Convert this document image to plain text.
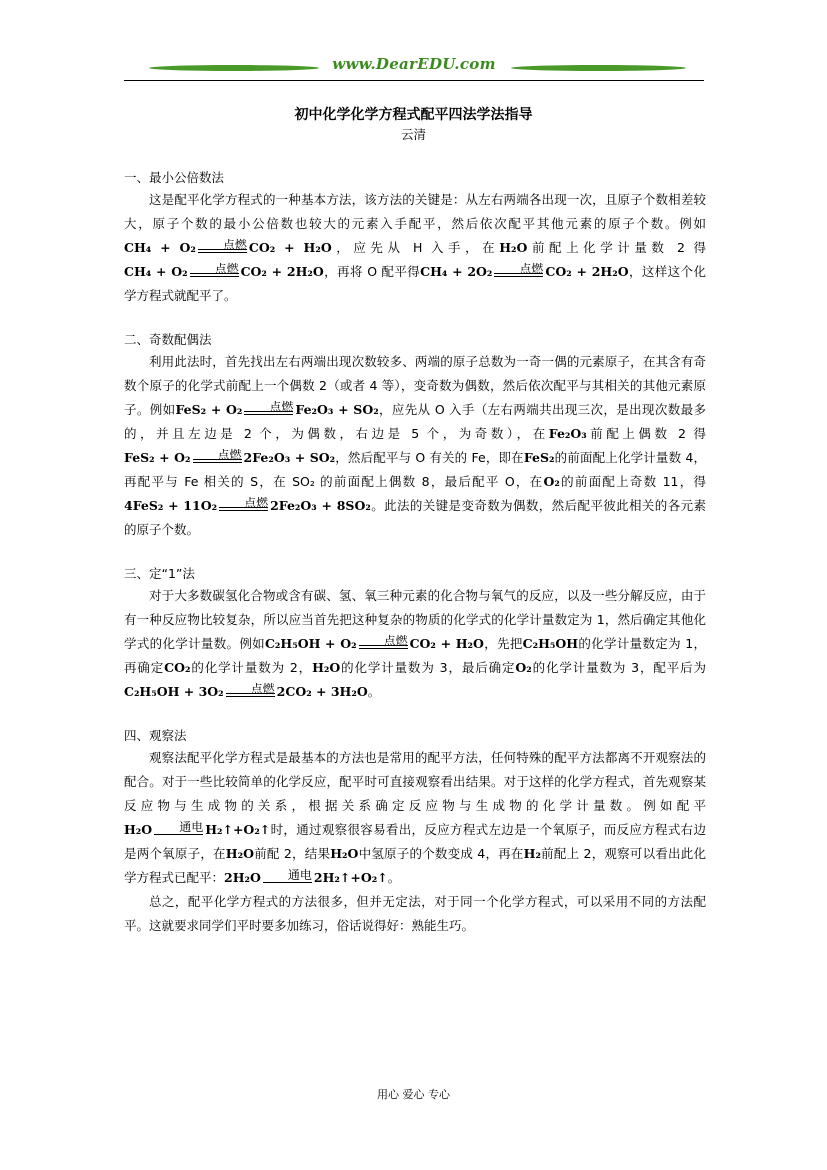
www.DearEDU.com
初中化学化学方程式配平四法学法指导
云清
一、最小公倍数法
这是配平化学方程式的一种基本方法，该方法的关键是：从左右两端各出现一次，且原子个数相差较大，原子个数的最小公倍数也较大的元素入手配平，然后依次配平其他元素的原子个数。例如CH₄ + O₂	点燃 CO₂ + H₂O，应先从 H 入手，在H₂O前配上化学计量数 2 得CH₄ + O₂	点燃 CO₂ + 2H₂O，再将 O 配平得CH₄ + 2O₂	点燃 CO₂ + 2H₂O，这样这个化学方程式就配平了。
二、奇数配偶法
利用此法时，首先找出左右两端出现次数较多、两端的原子总数为一奇一偶的元素原子，在其含有奇数个原子的化学式前配上一个偶数 2（或者 4 等），变奇数为偶数，然后依次配平与其相关的其他元素原子。例如FeS₂ + O₂	点燃 Fe₂O₃ + SO₂，应先从 O 入手（左右两端共出现三次，是出现次数最多的，并且左边是 2 个，为偶数，右边是 5 个，为奇数），在Fe₂O₃前配上偶数 2 得FeS₂ + O₂	点燃 2Fe₂O₃ + SO₂，然后配平与 O 有关的 Fe，即在FeS₂的前面配上化学计量数 4，再配平与 Fe 相关的 S，在 SO₂ 的前面配上偶数 8，最后配平 O，在O₂的前面配上奇数 11，得4FeS₂ + 11O₂	点燃 2Fe₂O₃ + 8SO₂。此法的关键是变奇数为偶数，然后配平彼此相关的各元素的原子个数。
三、定“1”法
对于大多数碳氢化合物或含有碳、氢、氧三种元素的化合物与氧气的反应，以及一些分解反应，由于有一种反应物比较复杂，所以应当首先把这种复杂的物质的化学式的化学计量数定为 1，然后确定其他化学式的化学计量数。例如C₂H₅OH + O₂	点燃 CO₂ + H₂O，先把C₂H₅OH的化学计量数定为 1，再确定CO₂的化学计量数为 2，H₂O的化学计量数为 3，最后确定O₂的化学计量数为 3，配平后为C₂H₅OH + 3O₂	点燃 2CO₂ + 3H₂O。
四、观察法
观察法配平化学方程式是最基本的方法也是常用的配平方法，任何特殊的配平方法都离不开观察法的配合。对于一些比较简单的化学反应，配平时可直接观察看出结果。对于这样的化学方程式，首先观察某反应物与生成物的关系，根据关系确定反应物与生成物的化学计量数。例如配平H₂O	通电 H₂↑+O₂↑时，通过观察很容易看出，反应方程式左边是一个氧原子，而反应方程式右边是两个氧原子，在H₂O前配 2，结果H₂O中氢原子的个数变成 4，再在H₂前配上 2，观察可以看出此化学方程式已配平：2H₂O	通电 2H₂↑+O₂↑。
总之，配平化学方程式的方法很多，但并无定法，对于同一个化学方程式，可以采用不同的方法配平。这就要求同学们平时要多加练习，俗话说得好：熟能生巧。
用心 爱心 专心
